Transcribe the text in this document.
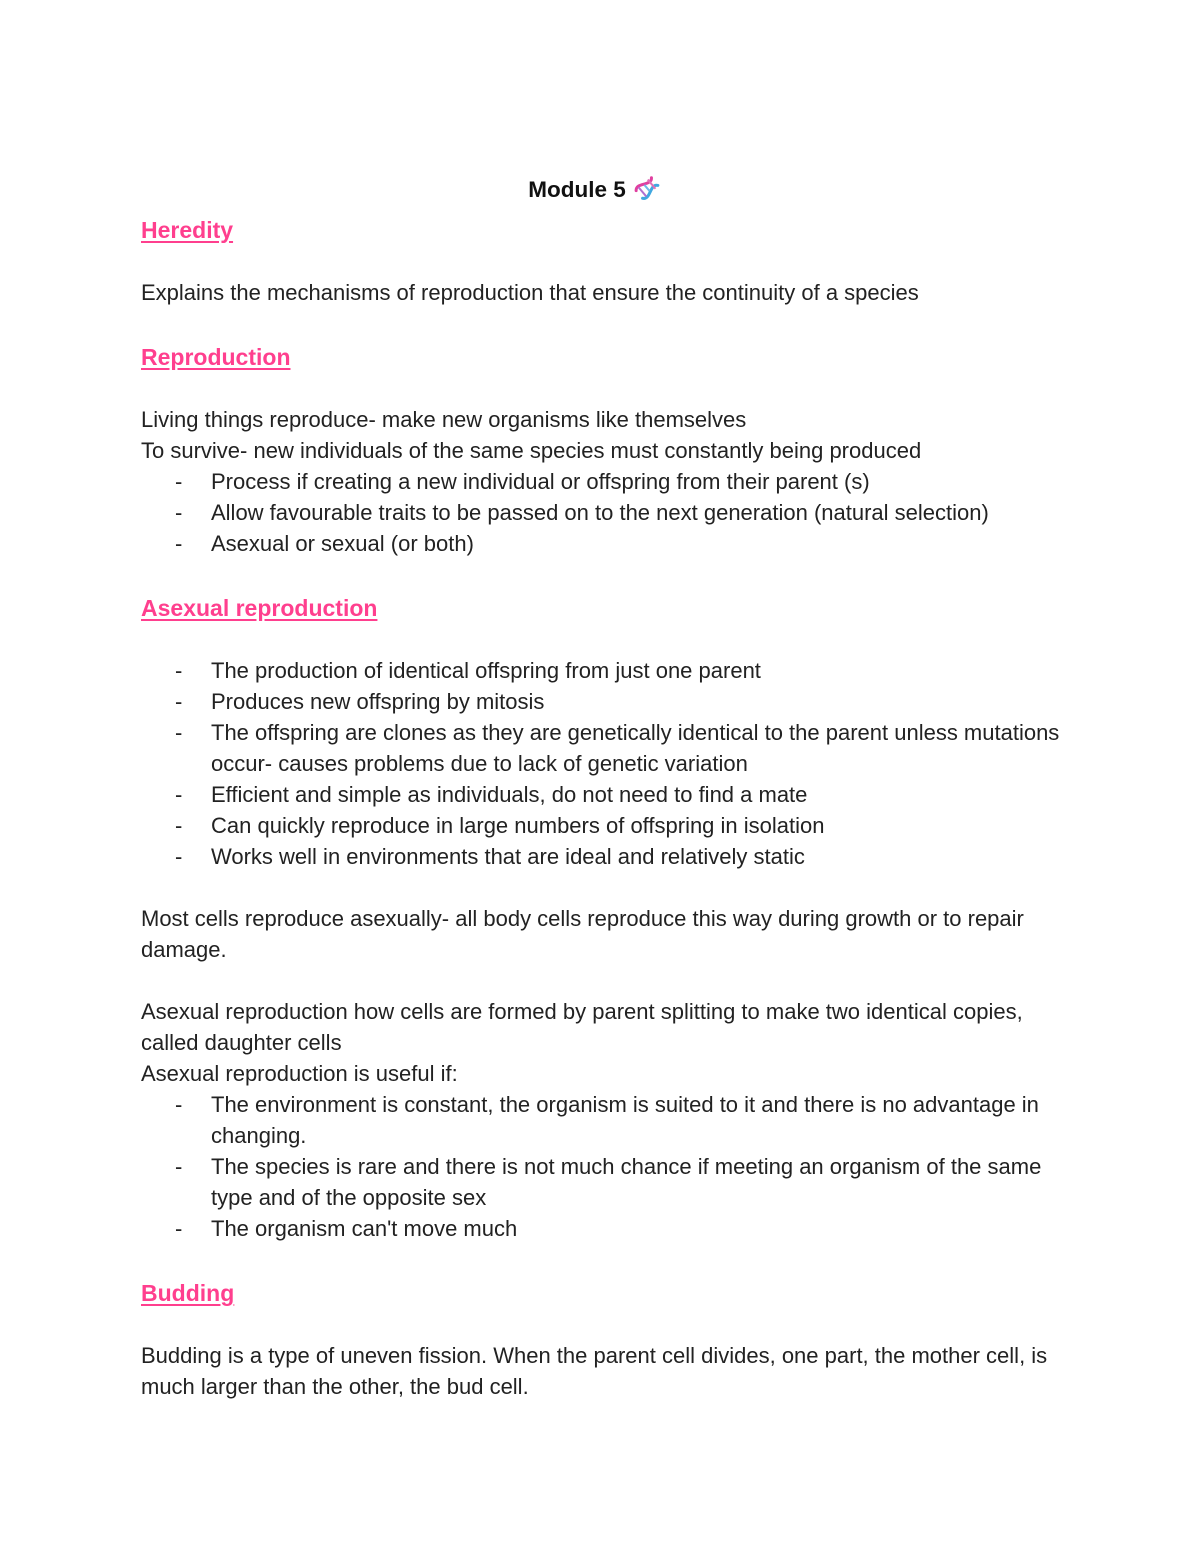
Module 5
Heredity

Explains the mechanisms of reproduction that ensure the continuity of a species

Reproduction

Living things reproduce- make new organisms like themselves

To survive- new individuals of the same species must constantly being produced

- Process if creating a new individual or offspring from their parent (s)
- Allow favourable traits to be passed on to the next generation (natural selection)
- Asexual or sexual (or both)
Asexual reproduction
- The production of identical offspring from just one parent
- Produces new offspring by mitosis
- The offspring are clones as they are genetically identical to the parent unless mutations occur- causes problems due to lack of genetic variation
- Efficient and simple as individuals, do not need to find a mate
- Can quickly reproduce in large numbers of offspring in isolation
- Works well in environments that are ideal and relatively static

Most cells reproduce asexually- all body cells reproduce this way during growth or to repair damage.

Asexual reproduction how cells are formed by parent splitting to make two identical copies, called daughter cells

Asexual reproduction is useful if:

- The environment is constant, the organism is suited to it and there is no advantage in changing.
- The species is rare and there is not much chance if meeting an organism of the same type and of the opposite sex
- The organism can't move much
Budding

Budding is a type of uneven fission. When the parent cell divides, one part, the mother cell, is much larger than the other, the bud cell.
